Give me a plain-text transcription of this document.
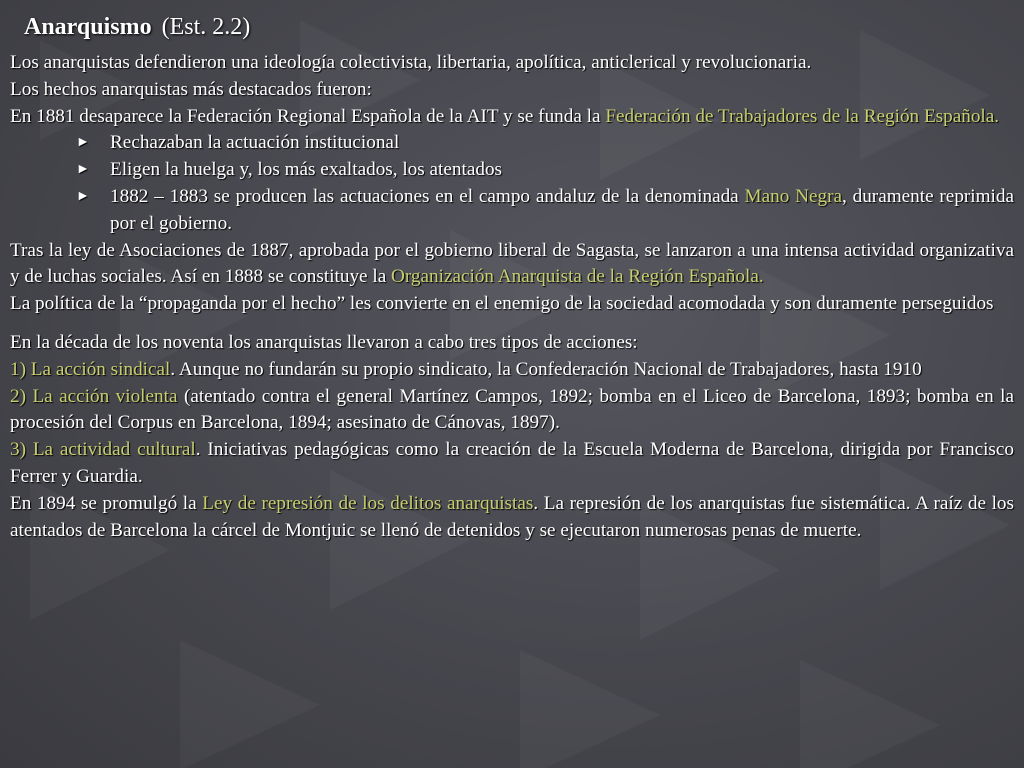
Anarquismo (Est. 2.2)

Los anarquistas defendieron una ideología colectivista, libertaria, apolítica, anticlerical y revolucionaria.

Los hechos anarquistas más destacados fueron:

En 1881 desaparece la Federación Regional Española de la AIT y se funda la Federación de Trabajadores de la Región Española.

►	Rechazaban la actuación institucional
►	Eligen la huelga y, los más exaltados, los atentados
►	1882 – 1883 se producen las actuaciones en el campo andaluz de la denominada Mano Negra, duramente reprimida por el gobierno.

Tras la ley de Asociaciones de 1887, aprobada por el gobierno liberal de Sagasta, se lanzaron a una intensa actividad organizativa y de luchas sociales. Así en 1888 se constituye la Organización Anarquista de la Región Española.

La política de la “propaganda por el hecho” les convierte en el enemigo de la sociedad acomodada y son duramente perseguidos

En la década de los noventa los anarquistas llevaron a cabo tres tipos de acciones:

1) La acción sindical. Aunque no fundarán su propio sindicato, la Confederación Nacional de Trabajadores, hasta 1910

2) La acción violenta (atentado contra el general Martínez Campos, 1892; bomba en el Liceo de Barcelona, 1893; bomba en la procesión del Corpus en Barcelona, 1894; asesinato de Cánovas, 1897).

3) La actividad cultural. Iniciativas pedagógicas como la creación de la Escuela Moderna de Barcelona, dirigida por Francisco Ferrer y Guardia.

En 1894 se promulgó la Ley de represión de los delitos anarquistas. La represión de los anarquistas fue sistemática. A raíz de los atentados de Barcelona la cárcel de Montjuic se llenó de detenidos y se ejecutaron numerosas penas de muerte.
